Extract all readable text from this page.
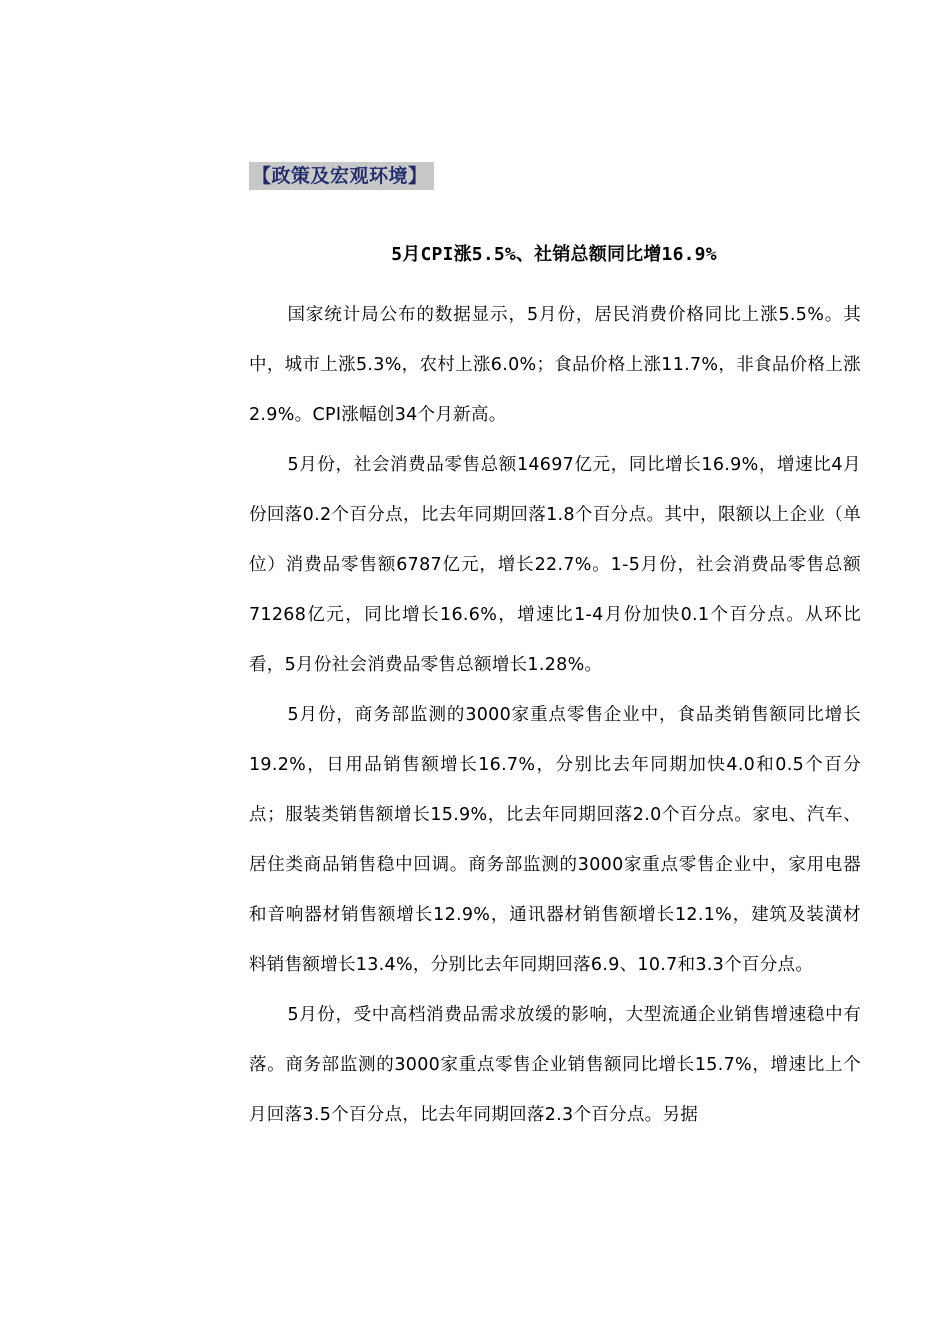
【政策及宏观环境】
5月CPI涨5.5%、社销总额同比增16.9%

国家统计局公布的数据显示，5月份，居民消费价格同比上涨5.5%。其中，城市上涨5.3%，农村上涨6.0%；食品价格上涨11.7%，非食品价格上涨2.9%。CPI涨幅创34个月新高。

5月份，社会消费品零售总额14697亿元，同比增长16.9%，增速比4月份回落0.2个百分点，比去年同期回落1.8个百分点。其中，限额以上企业（单位）消费品零售额6787亿元，增长22.7%。1-5月份，社会消费品零售总额71268亿元，同比增长16.6%，增速比1-4月份加快0.1个百分点。从环比看，5月份社会消费品零售总额增长1.28%。

5月份，商务部监测的3000家重点零售企业中，食品类销售额同比增长19.2%，日用品销售额增长16.7%，分别比去年同期加快4.0和0.5个百分点；服装类销售额增长15.9%，比去年同期回落2.0个百分点。家电、汽车、居住类商品销售稳中回调。商务部监测的3000家重点零售企业中，家用电器和音响器材销售额增长12.9%，通讯器材销售额增长12.1%，建筑及装潢材料销售额增长13.4%，分别比去年同期回落6.9、10.7和3.3个百分点。

5月份，受中高档消费品需求放缓的影响，大型流通企业销售增速稳中有落。商务部监测的3000家重点零售企业销售额同比增长15.7%，增速比上个月回落3.5个百分点，比去年同期回落2.3个百分点。另据
